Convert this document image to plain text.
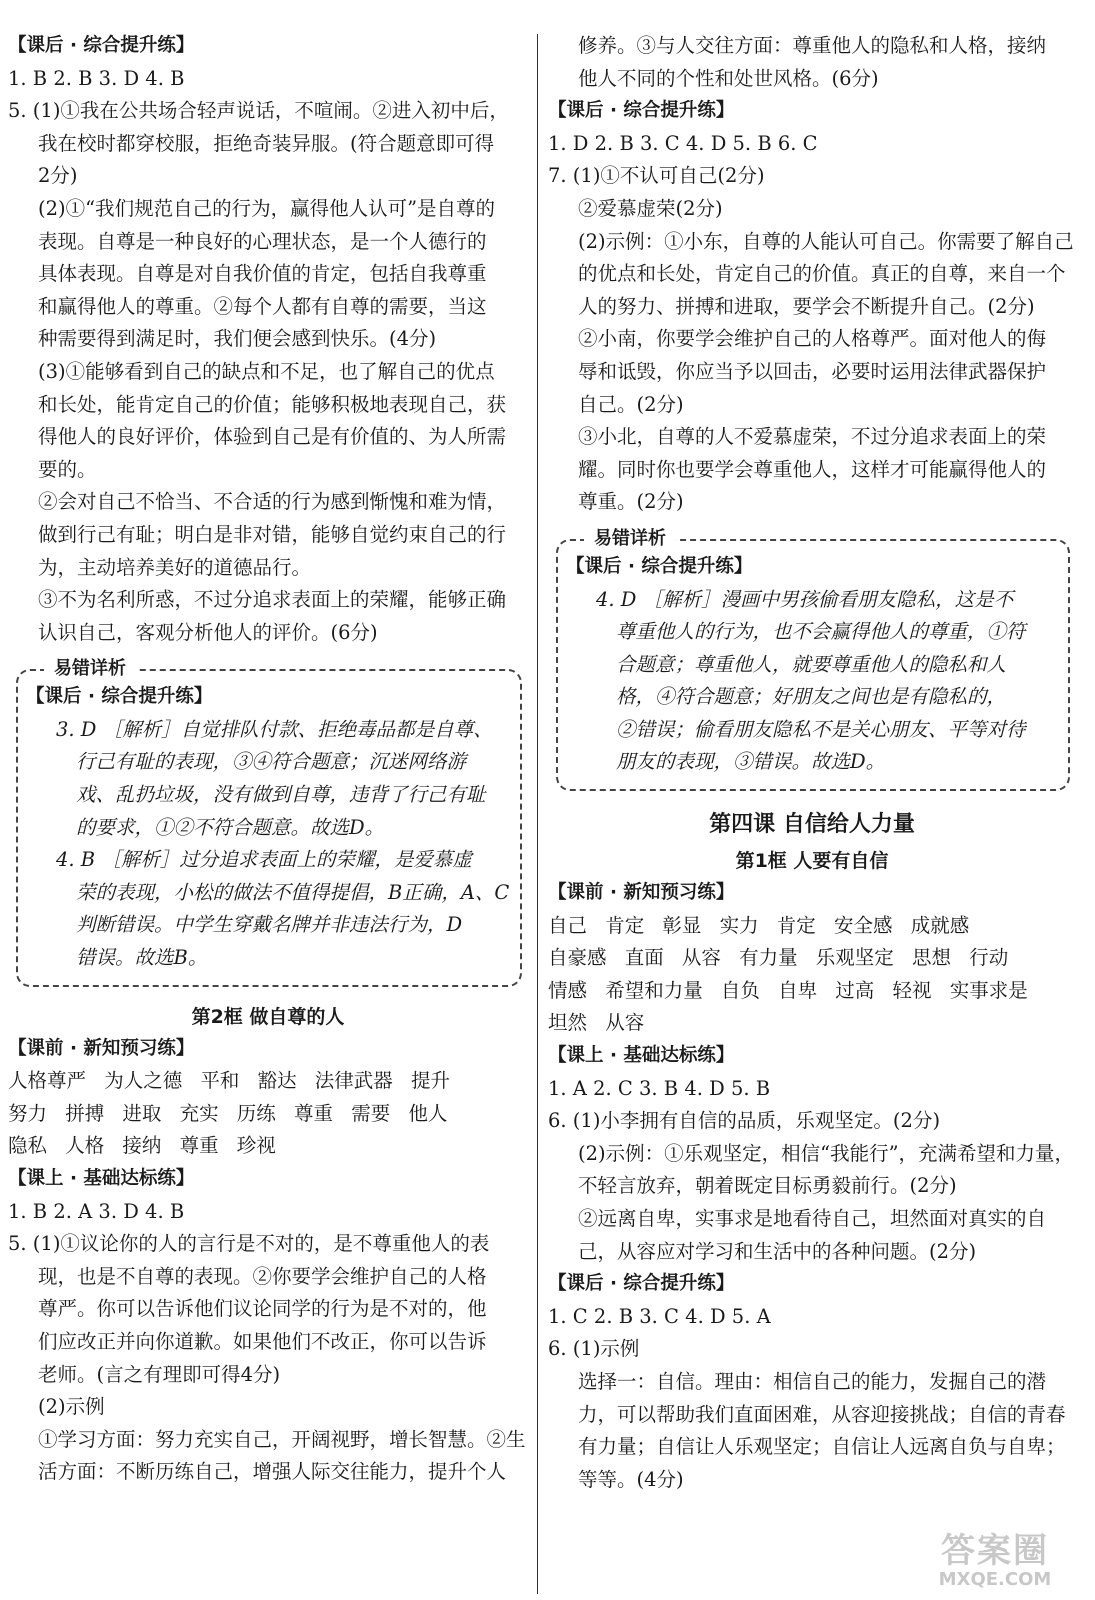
【课后 · 综合提升练】
1. B 2. B 3. D 4. B
5. (1)①我在公共场合轻声说话，不喧闹。②进入初中后，
我在校时都穿校服，拒绝奇装异服。(符合题意即可得
2分)
(2)①“我们规范自己的行为，赢得他人认可”是自尊的
表现。自尊是一种良好的心理状态，是一个人德行的
具体表现。自尊是对自我价值的肯定，包括自我尊重
和赢得他人的尊重。②每个人都有自尊的需要，当这
种需要得到满足时，我们便会感到快乐。(4分)
(3)①能够看到自己的缺点和不足，也了解自己的优点
和长处，能肯定自己的价值；能够积极地表现自己，获
得他人的良好评价，体验到自己是有价值的、为人所需
要的。
②会对自己不恰当、不合适的行为感到惭愧和难为情，
做到行己有耻；明白是非对错，能够自觉约束自己的行
为，主动培养美好的道德品行。
③不为名利所惑，不过分追求表面上的荣耀，能够正确
认识自己，客观分析他人的评价。(6分)
易错详析
【课后 · 综合提升练】
3. D ［解析］自觉排队付款、拒绝毒品都是自尊、
行己有耻的表现，③④符合题意；沉迷网络游
戏、乱扔垃圾，没有做到自尊，违背了行己有耻
的要求，①②不符合题意。故选D。
4. B ［解析］过分追求表面上的荣耀，是爱慕虚
荣的表现，小松的做法不值得提倡，B正确，A、C
判断错误。中学生穿戴名牌并非违法行为，D
错误。故选B。
第2框 做自尊的人
【课前 · 新知预习练】
人格尊严 为人之德 平和 豁达 法律武器 提升
努力 拼搏 进取 充实 历练 尊重 需要 他人
隐私 人格 接纳 尊重 珍视
【课上 · 基础达标练】
1. B 2. A 3. D 4. B
5. (1)①议论你的人的言行是不对的，是不尊重他人的表
现，也是不自尊的表现。②你要学会维护自己的人格
尊严。你可以告诉他们议论同学的行为是不对的，他
们应改正并向你道歉。如果他们不改正，你可以告诉
老师。(言之有理即可得4分)
(2)示例
①学习方面：努力充实自己，开阔视野，增长智慧。②生
活方面：不断历练自己，增强人际交往能力，提升个人
修养。③与人交往方面：尊重他人的隐私和人格，接纳
他人不同的个性和处世风格。(6分)
【课后 · 综合提升练】
1. D 2. B 3. C 4. D 5. B 6. C
7. (1)①不认可自己(2分)
②爱慕虚荣(2分)
(2)示例：①小东，自尊的人能认可自己。你需要了解自己
的优点和长处，肯定自己的价值。真正的自尊，来自一个
人的努力、拼搏和进取，要学会不断提升自己。(2分)
②小南，你要学会维护自己的人格尊严。面对他人的侮
辱和诋毁，你应当予以回击，必要时运用法律武器保护
自己。(2分)
③小北，自尊的人不爱慕虚荣，不过分追求表面上的荣
耀。同时你也要学会尊重他人，这样才可能赢得他人的
尊重。(2分)
易错详析
【课后 · 综合提升练】
4. D ［解析］漫画中男孩偷看朋友隐私，这是不
尊重他人的行为，也不会赢得他人的尊重，①符
合题意；尊重他人，就要尊重他人的隐私和人
格，④符合题意；好朋友之间也是有隐私的，
②错误；偷看朋友隐私不是关心朋友、平等对待
朋友的表现，③错误。故选D。
第四课 自信给人力量
第1框 人要有自信
【课前 · 新知预习练】
自己 肯定 彰显 实力 肯定 安全感 成就感
自豪感 直面 从容 有力量 乐观坚定 思想 行动
情感 希望和力量 自负 自卑 过高 轻视 实事求是
坦然 从容
【课上 · 基础达标练】
1. A 2. C 3. B 4. D 5. B
6. (1)小李拥有自信的品质，乐观坚定。(2分)
(2)示例：①乐观坚定，相信“我能行”，充满希望和力量，
不轻言放弃，朝着既定目标勇毅前行。(2分)
②远离自卑，实事求是地看待自己，坦然面对真实的自
己，从容应对学习和生活中的各种问题。(2分)
【课后 · 综合提升练】
1. C 2. B 3. C 4. D 5. A
6. (1)示例
选择一：自信。理由：相信自己的能力，发掘自己的潜
力，可以帮助我们直面困难，从容迎接挑战；自信的青春
有力量；自信让人乐观坚定；自信让人远离自负与自卑；
等等。(4分)
答案圈
MXQE.COM
